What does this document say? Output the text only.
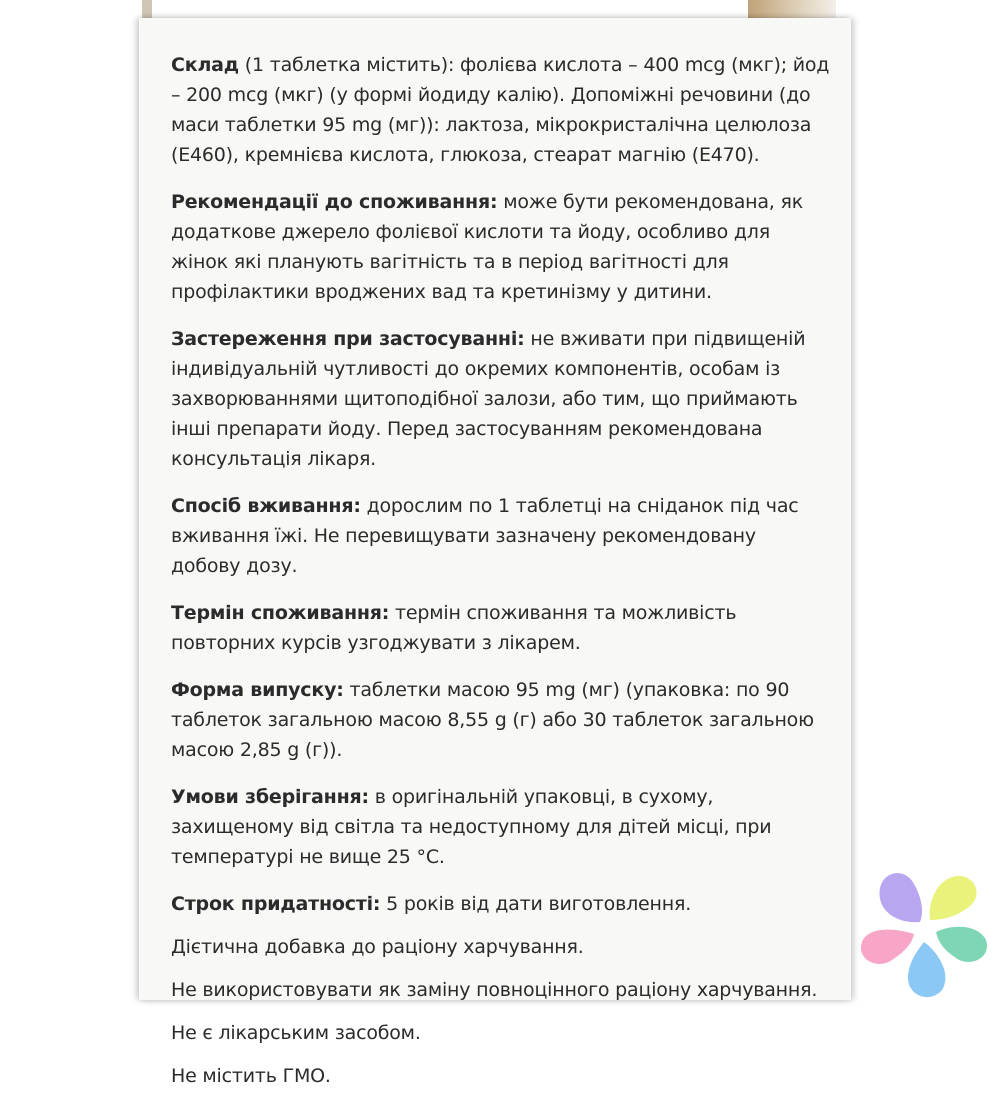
Склад (1 таблетка містить): фолієва кислота – 400 mcg (мкг); йод – 200 mcg (мкг) (у формі йодиду калію). Допоміжні речовини (до маси таблетки 95 mg (мг)): лактоза, мікрокристалічна целюлоза (Е460), кремнієва кислота, глюкоза, стеарат магнію (Е470).

Рекомендації до споживання: може бути рекомендована, як додаткове джерело фолієвої кислоти та йоду, особливо для жінок які планують вагітність та в період вагітності для профілактики вроджених вад та кретинізму у дитини.

Застереження при застосуванні: не вживати при підвищеній індивідуальній чутливості до окремих компонентів, особам із захворюваннями щитоподібної залози, або тим, що приймають інші препарати йоду. Перед застосуванням рекомендована консультація лікаря.

Спосіб вживання: дорослим по 1 таблетці на сніданок під час вживання їжі. Не перевищувати зазначену рекомендовану добову дозу.

Термін споживання: термін споживання та можливість повторних курсів узгоджувати з лікарем.

Форма випуску: таблетки масою 95 mg (мг) (упаковка: по 90 таблеток загальною масою 8,55 g (г) або 30 таблеток загальною масою 2,85 g (г)).

Умови зберігання: в оригінальній упаковці, в сухому, захищеному від світла та недоступному для дітей місці, при температурі не вище 25 °С.

Строк придатності: 5 років від дати виготовлення.

Дієтична добавка до раціону харчування.

Не використовувати як заміну повноцінного раціону харчування.

Не є лікарським засобом.

Не містить ГМО.
